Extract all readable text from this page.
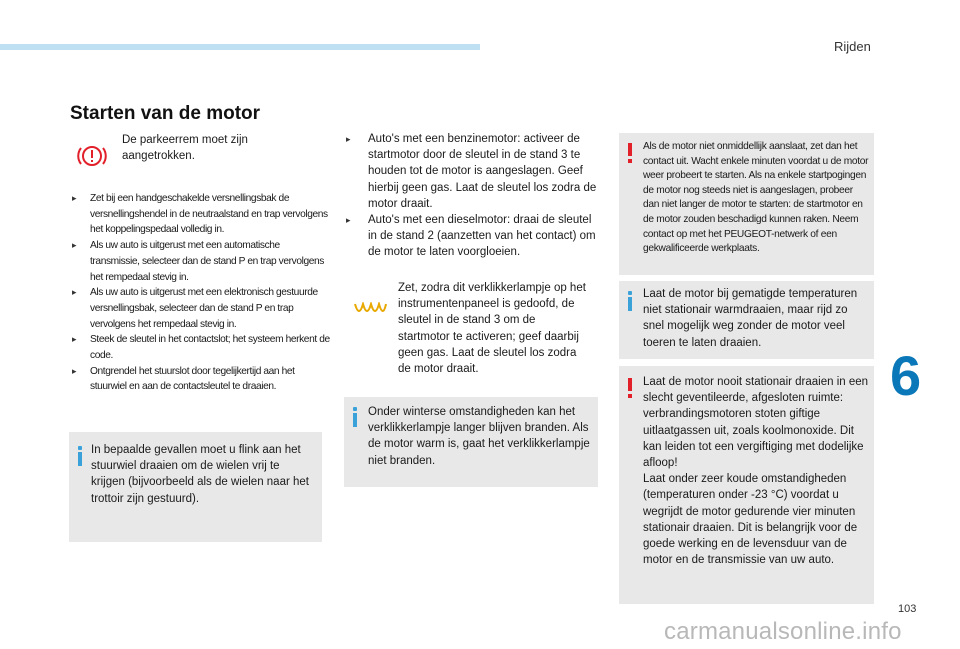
Rijden
6
Starten van de motor
De parkeerrem moet zijn aangetrokken.
▸ Zet bij een handgeschakelde versnellingsbak de versnellingshendel in de neutraalstand en trap vervolgens het koppelingspedaal volledig in.
▸ Als uw auto is uitgerust met een automatische transmissie, selecteer dan de stand P en trap vervolgens het rempedaal stevig in.
▸ Als uw auto is uitgerust met een elektronisch gestuurde versnellingsbak, selecteer dan de stand P en trap vervolgens het rempedaal stevig in.
▸ Steek de sleutel in het contactslot; het systeem herkent de code.
▸ Ontgrendel het stuurslot door tegelijkertijd aan het stuurwiel en aan de contactsleutel te draaien.
In bepaalde gevallen moet u flink aan het stuurwiel draaien om de wielen vrij te krijgen (bijvoorbeeld als de wielen naar het trottoir zijn gestuurd).
▸ Auto's met een benzinemotor: activeer de startmotor door de sleutel in de stand 3 te houden tot de motor is aangeslagen. Geef hierbij geen gas. Laat de sleutel los zodra de motor draait.
▸ Auto's met een dieselmotor: draai de sleutel in de stand 2 (aanzetten van het contact) om de motor te laten voorgloeien.
Zet, zodra dit verklikkerlampje op het instrumentenpaneel is gedoofd, de sleutel in de stand 3 om de startmotor te activeren; geef daarbij geen gas. Laat de sleutel los zodra de motor draait.
Onder winterse omstandigheden kan het verklikkerlampje langer blijven branden. Als de motor warm is, gaat het verklikkerlampje niet branden.
Als de motor niet onmiddellijk aanslaat, zet dan het contact uit. Wacht enkele minuten voordat u de motor weer probeert te starten. Als na enkele startpogingen de motor nog steeds niet is aangeslagen, probeer dan niet langer de motor te starten: de startmotor en de motor zouden beschadigd kunnen raken. Neem contact op met het PEUGEOT-netwerk of een gekwalificeerde werkplaats.
Laat de motor bij gematigde temperaturen niet stationair warmdraaien, maar rijd zo snel mogelijk weg zonder de motor veel toeren te laten draaien.
Laat de motor nooit stationair draaien in een slecht geventileerde, afgesloten ruimte: verbrandingsmotoren stoten giftige uitlaatgassen uit, zoals koolmonoxide. Dit kan leiden tot een vergiftiging met dodelijke afloop!
Laat onder zeer koude omstandigheden (temperaturen onder -23 °C) voordat u wegrijdt de motor gedurende vier minuten stationair draaien. Dit is belangrijk voor de goede werking en de levensduur van de motor en de transmissie van uw auto.
103
carmanualsonline.info
